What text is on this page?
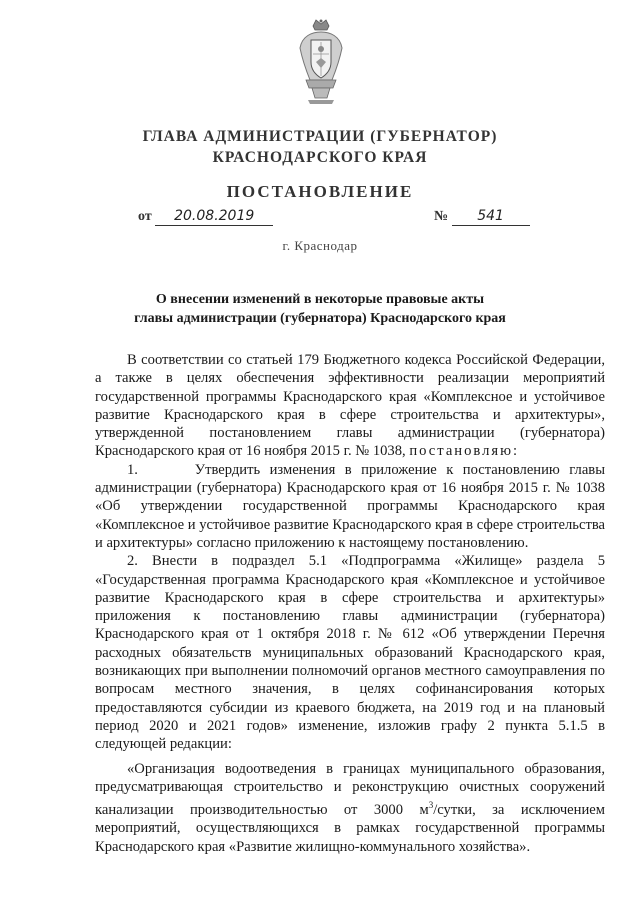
ГЛАВА АДМИНИСТРАЦИИ (ГУБЕРНАТОР)
КРАСНОДАРСКОГО КРАЯ
ПОСТАНОВЛЕНИЕ
от 20.08.2019	№ 541
г. Краснодар
О внесении изменений в некоторые правовые акты
главы администрации (губернатора) Краснодарского края

В соответствии со статьей 179 Бюджетного кодекса Российской Федерации, а также в целях обеспечения эффективности реализации мероприятий государственной программы Краснодарского края «Комплексное и устойчивое развитие Краснодарского края в сфере строительства и архитектуры», утвержденной постановлением главы администрации (губернатора) Краснодарского края от 16 ноября 2015 г. № 1038, постановляю:

1.      Утвердить изменения в приложение к постановлению главы администрации (губернатора) Краснодарского края от 16 ноября 2015 г. № 1038 «Об утверждении государственной программы Краснодарского края «Комплексное и устойчивое развитие Краснодарского края в сфере строительства и архитектуры» согласно приложению к настоящему постановлению.

2. Внести в подраздел 5.1 «Подпрограмма «Жилище» раздела 5 «Государственная программа Краснодарского края «Комплексное и устойчивое развитие Краснодарского края в сфере строительства и архитектуры» приложения к постановлению главы администрации (губернатора) Краснодарского края от 1 октября 2018 г. № 612 «Об утверждении Перечня расходных обязательств муниципальных образований Краснодарского края, возникающих при выполнении полномочий органов местного самоуправления по вопросам местного значения, в целях софинансирования которых предоставляются субсидии из краевого бюджета, на 2019 год и на плановый период 2020 и 2021 годов» изменение, изложив графу 2 пункта 5.1.5 в следующей редакции:

«Организация водоотведения в границах муниципального образования, предусматривающая строительство и реконструкцию очистных сооружений канализации производительностью от 3000 $м^3$/сутки, за исключением мероприятий, осуществляющихся в рамках государственной программы Краснодарского края «Развитие жилищно-коммунального хозяйства».
